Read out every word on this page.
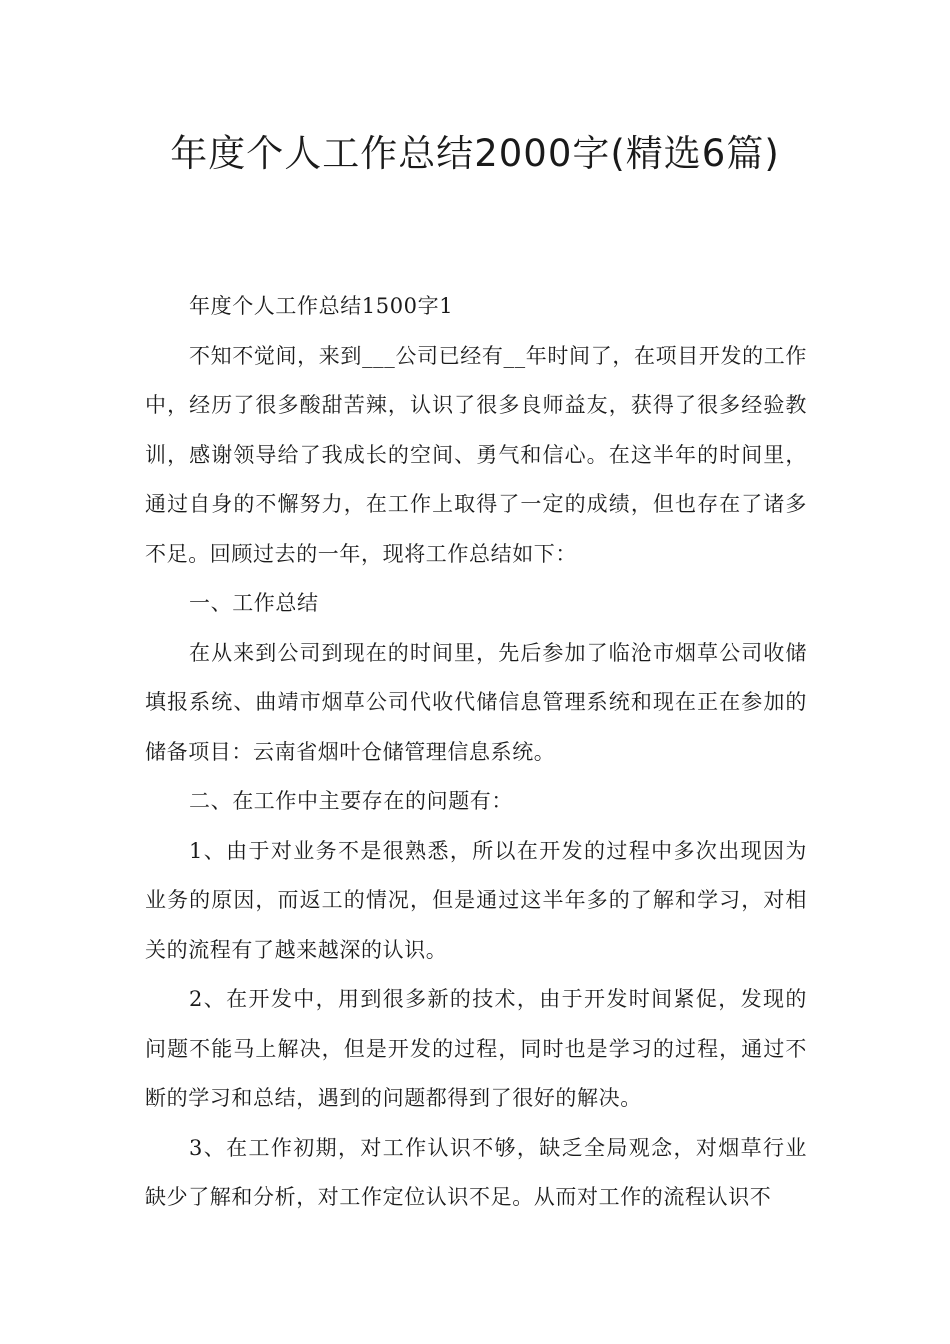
年度个人工作总结2000字(精选6篇)

年度个人工作总结1500字1

不知不觉间，来到___公司已经有__年时间了，在项目开发的工作中，经历了很多酸甜苦辣，认识了很多良师益友，获得了很多经验教训，感谢领导给了我成长的空间、勇气和信心。在这半年的时间里，通过自身的不懈努力，在工作上取得了一定的成绩，但也存在了诸多不足。回顾过去的一年，现将工作总结如下：

一、工作总结

在从来到公司到现在的时间里，先后参加了临沧市烟草公司收储填报系统、曲靖市烟草公司代收代储信息管理系统和现在正在参加的储备项目：云南省烟叶仓储管理信息系统。

二、在工作中主要存在的问题有：

1、由于对业务不是很熟悉，所以在开发的过程中多次出现因为业务的原因，而返工的情况，但是通过这半年多的了解和学习，对相关的流程有了越来越深的认识。

2、在开发中，用到很多新的技术，由于开发时间紧促，发现的问题不能马上解决，但是开发的过程，同时也是学习的过程，通过不断的学习和总结，遇到的问题都得到了很好的解决。

3、在工作初期，对工作认识不够，缺乏全局观念，对烟草行业缺少了解和分析，对工作定位认识不足。从而对工作的流程认识不
